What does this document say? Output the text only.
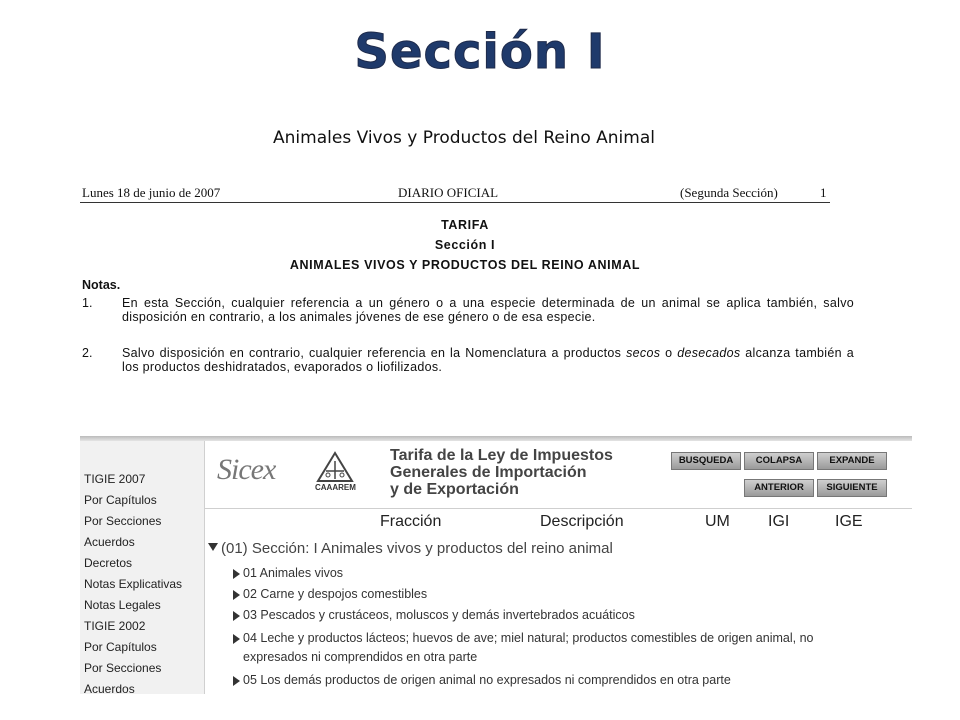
Sección I
Animales Vivos y Productos del Reino Animal
Lunes 18 de junio de 2007	DIARIO OFICIAL	(Segunda Sección)	1
TARIFA
Sección I
ANIMALES VIVOS Y PRODUCTOS DEL REINO ANIMAL
Notas.
1. En esta Sección, cualquier referencia a un género o a una especie determinada de un animal se aplica también, salvo disposición en contrario, a los animales jóvenes de ese género o de esa especie.
2. Salvo disposición en contrario, cualquier referencia en la Nomenclatura a productos secos o desecados alcanza también a los productos deshidratados, evaporados o liofilizados.
TIGIE 2007
Por Capítulos
Por Secciones
Acuerdos
Decretos
Notas Explicativas
Notas Legales
TIGIE 2002
Por Capítulos
Por Secciones
Acuerdos
Sicex
CAAAREM
Tarifa de la Ley de Impuestos
Generales de Importación
y de Exportación
BUSQUEDA	COLAPSA	EXPANDE
ANTERIOR	SIGUIENTE
Fracción	Descripción	UM IGI	IGE
(01) Sección: I Animales vivos y productos del reino animal
01 Animales vivos
02 Carne y despojos comestibles
03 Pescados y crustáceos, moluscos y demás invertebrados acuáticos
04 Leche y productos lácteos; huevos de ave; miel natural; productos comestibles de origen animal, no
expresados ni comprendidos en otra parte
05 Los demás productos de origen animal no expresados ni comprendidos en otra parte
